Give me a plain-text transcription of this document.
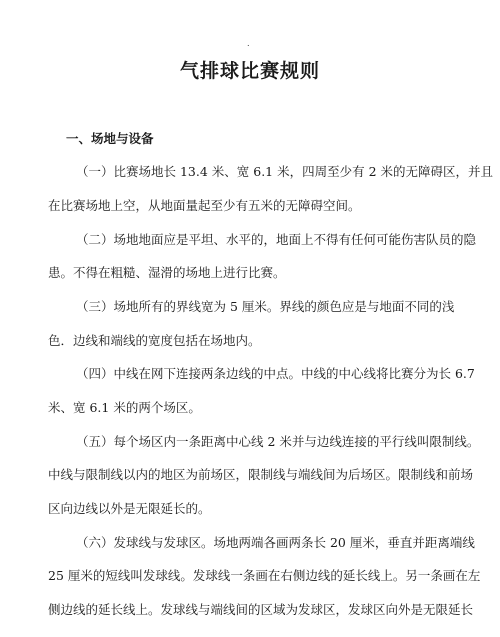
.
气排球比赛规则
一、场地与设备

（一）比赛场地长 13.4 米、宽 6.1 米，四周至少有 2 米的无障碍区，并且

在比赛场地上空，从地面量起至少有五米的无障碍空间。

（二）场地地面应是平坦、水平的，地面上不得有任何可能伤害队员的隐

患。不得在粗糙、湿滑的场地上进行比赛。

（三）场地所有的界线宽为 5 厘米。界线的颜色应是与地面不同的浅

色．边线和端线的宽度包括在场地内。

（四）中线在网下连接两条边线的中点。中线的中心线将比赛分为长 6.7

米、宽 6.1 米的两个场区。

（五）每个场区内一条距离中心线 2 米并与边线连接的平行线叫限制线。

中线与限制线以内的地区为前场区，限制线与端线间为后场区。限制线和前场

区向边线以外是无限延长的。

（六）发球线与发球区。场地两端各画两条长 20 厘米，垂直并距离端线

25 厘米的短线叫发球线。发球线一条画在右侧边线的延长线上。另一条画在左

侧边线的延长线上。发球线与端线间的区域为发球区，发球区向外是无限延长
